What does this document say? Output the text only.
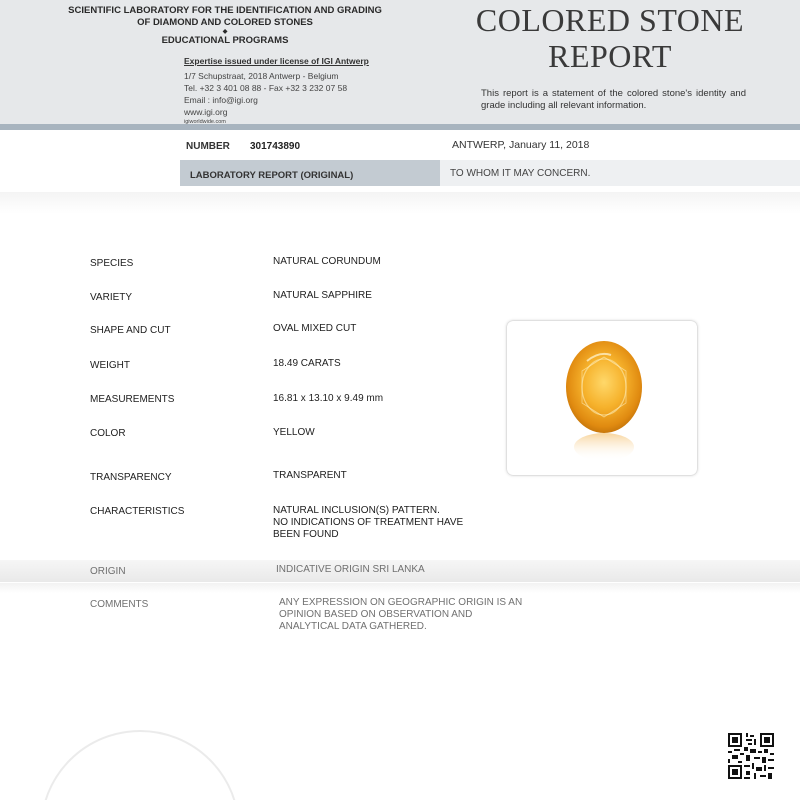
SCIENTIFIC LABORATORY FOR THE IDENTIFICATION AND GRADING
OF DIAMOND AND COLORED STONES
◆
EDUCATIONAL PROGRAMS
Expertise issued under license of IGI Antwerp
1/7 Schupstraat, 2018 Antwerp - Belgium
Tel. +32 3 401 08 88 - Fax +32 3 232 07 58
Email : info@igi.org
www.igi.org
igiworldwide.com
COLORED STONE
REPORT
This report is a statement of the colored stone's identity and grade including all relevant information.
NUMBER 301743890	ANTWERP, January 11, 2018
LABORATORY REPORT (ORIGINAL)	TO WHOM IT MAY CONCERN.
SPECIES	NATURAL CORUNDUM
VARIETY	NATURAL SAPPHIRE
SHAPE AND CUT	OVAL MIXED CUT
WEIGHT	18.49 CARATS
MEASUREMENTS	16.81 x 13.10 x 9.49 mm
COLOR	YELLOW
TRANSPARENCY	TRANSPARENT
CHARACTERISTICS	NATURAL INCLUSION(S) PATTERN.
NO INDICATIONS OF TREATMENT HAVE
BEEN FOUND
ORIGIN	INDICATIVE ORIGIN SRI LANKA
COMMENTS	ANY EXPRESSION ON GEOGRAPHIC ORIGIN IS AN
OPINION BASED ON OBSERVATION AND
ANALYTICAL DATA GATHERED.
